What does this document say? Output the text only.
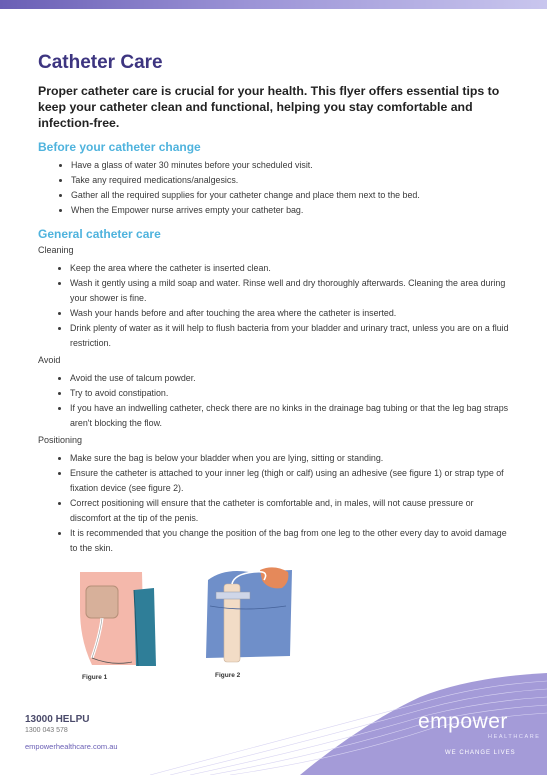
Catheter Care

Proper catheter care is crucial for your health. This flyer offers essential tips to keep your catheter clean and functional, helping you stay comfortable and infection-free.

Before your catheter change
• Have a glass of water 30 minutes before your scheduled visit.
• Take any required medications/analgesics.
• Gather all the required supplies for your catheter change and place them next to the bed.
• When the Empower nurse arrives empty your catheter bag.
General catheter care
Cleaning
• Keep the area where the catheter is inserted clean.
• Wash it gently using a mild soap and water. Rinse well and dry thoroughly afterwards. Cleaning the area during your shower is fine.
• Wash your hands before and after touching the area where the catheter is inserted.
• Drink plenty of water as it will help to flush bacteria from your bladder and urinary tract, unless you are on a fluid restriction.
Avoid
• Avoid the use of talcum powder.
• Try to avoid constipation.
• If you have an indwelling catheter, check there are no kinks in the drainage bag tubing or that the leg bag straps aren't blocking the flow.
Positioning
• Make sure the bag is below your bladder when you are lying, sitting or standing.
• Ensure the catheter is attached to your inner leg (thigh or calf) using an adhesive (see figure 1) or strap type of fixation device (see figure 2).
• Correct positioning will ensure that the catheter is comfortable and, in males, will not cause pressure or discomfort at the tip of the penis.
• It is recommended that you change the position of the bag from one leg to the other every day to avoid damage to the skin.
Figure 1	Figure 2
13000 HELPU
1300 043 578
empowerhealthcare.com.au
empower
HEALTHCARE
WE CHANGE LIVES
